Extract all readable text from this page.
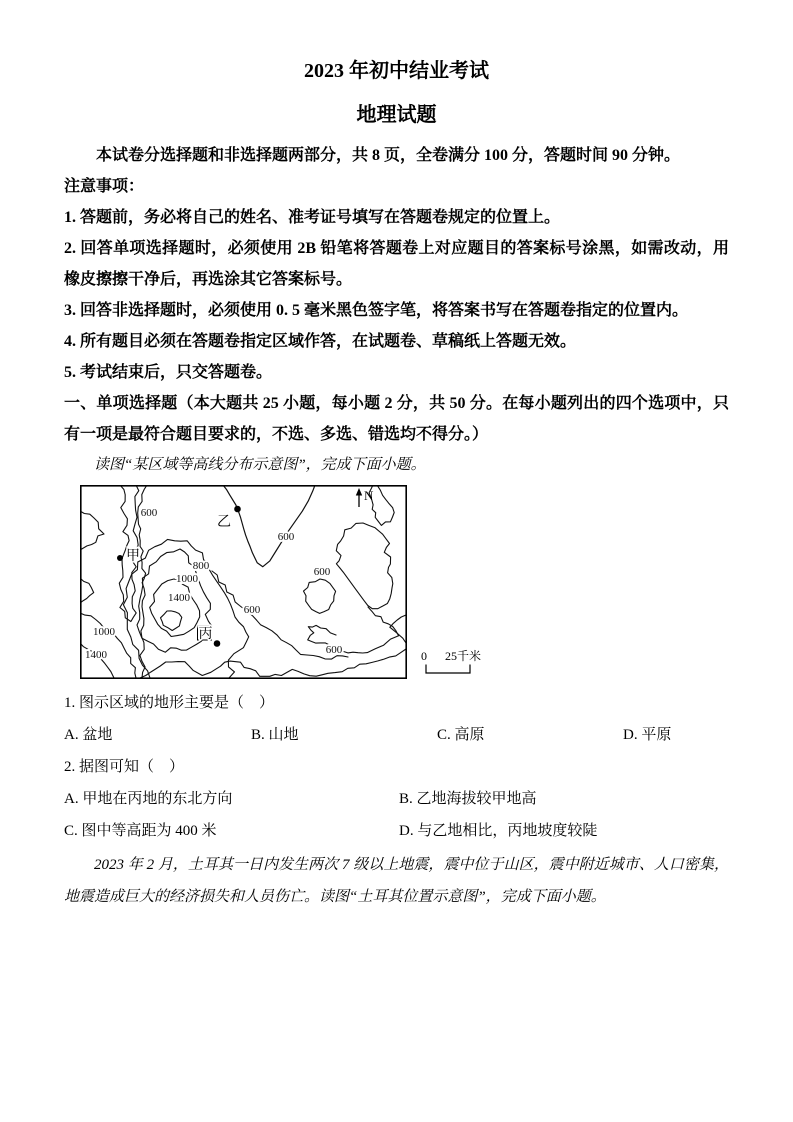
2023 年初中结业考试
地理试题

本试卷分选择题和非选择题两部分，共 8 页，全卷满分 100 分，答题时间 90 分钟。

注意事项：

1. 答题前，务必将自己的姓名、准考证号填写在答题卷规定的位置上。

2. 回答单项选择题时，必须使用 2B 铅笔将答题卷上对应题目的答案标号涂黑，如需改动，用橡皮擦擦干净后，再选涂其它答案标号。

3. 回答非选择题时，必须使用 0. 5 毫米黑色签字笔，将答案书写在答题卷指定的位置内。

4. 所有题目必须在答题卷指定区域作答，在试题卷、草稿纸上答题无效。

5. 考试结束后，只交答题卷。

一、单项选择题（本大题共 25 小题，每小题 2 分，共 50 分。在每小题列出的四个选项中，只有一项是最符合题目要求的，不选、多选、错选均不得分。）

读图“某区域等高线分布示意图”，完成下面小题。

600
800
1000
1400
600
600
600
600
1000
1400
甲
乙
丙
N
0 25千米

1. 图示区域的地形主要是（　）

A. 盆地	B. 山地	C. 高原	D. 平原

2. 据图可知（　）

A. 甲地在丙地的东北方向	B. 乙地海拔较甲地高
C. 图中等高距为 400 米	D. 与乙地相比，丙地坡度较陡

2023 年 2 月，土耳其一日内发生两次 7 级以上地震，震中位于山区，震中附近城市、人口密集，地震造成巨大的经济损失和人员伤亡。读图“土耳其位置示意图”，完成下面小题。
